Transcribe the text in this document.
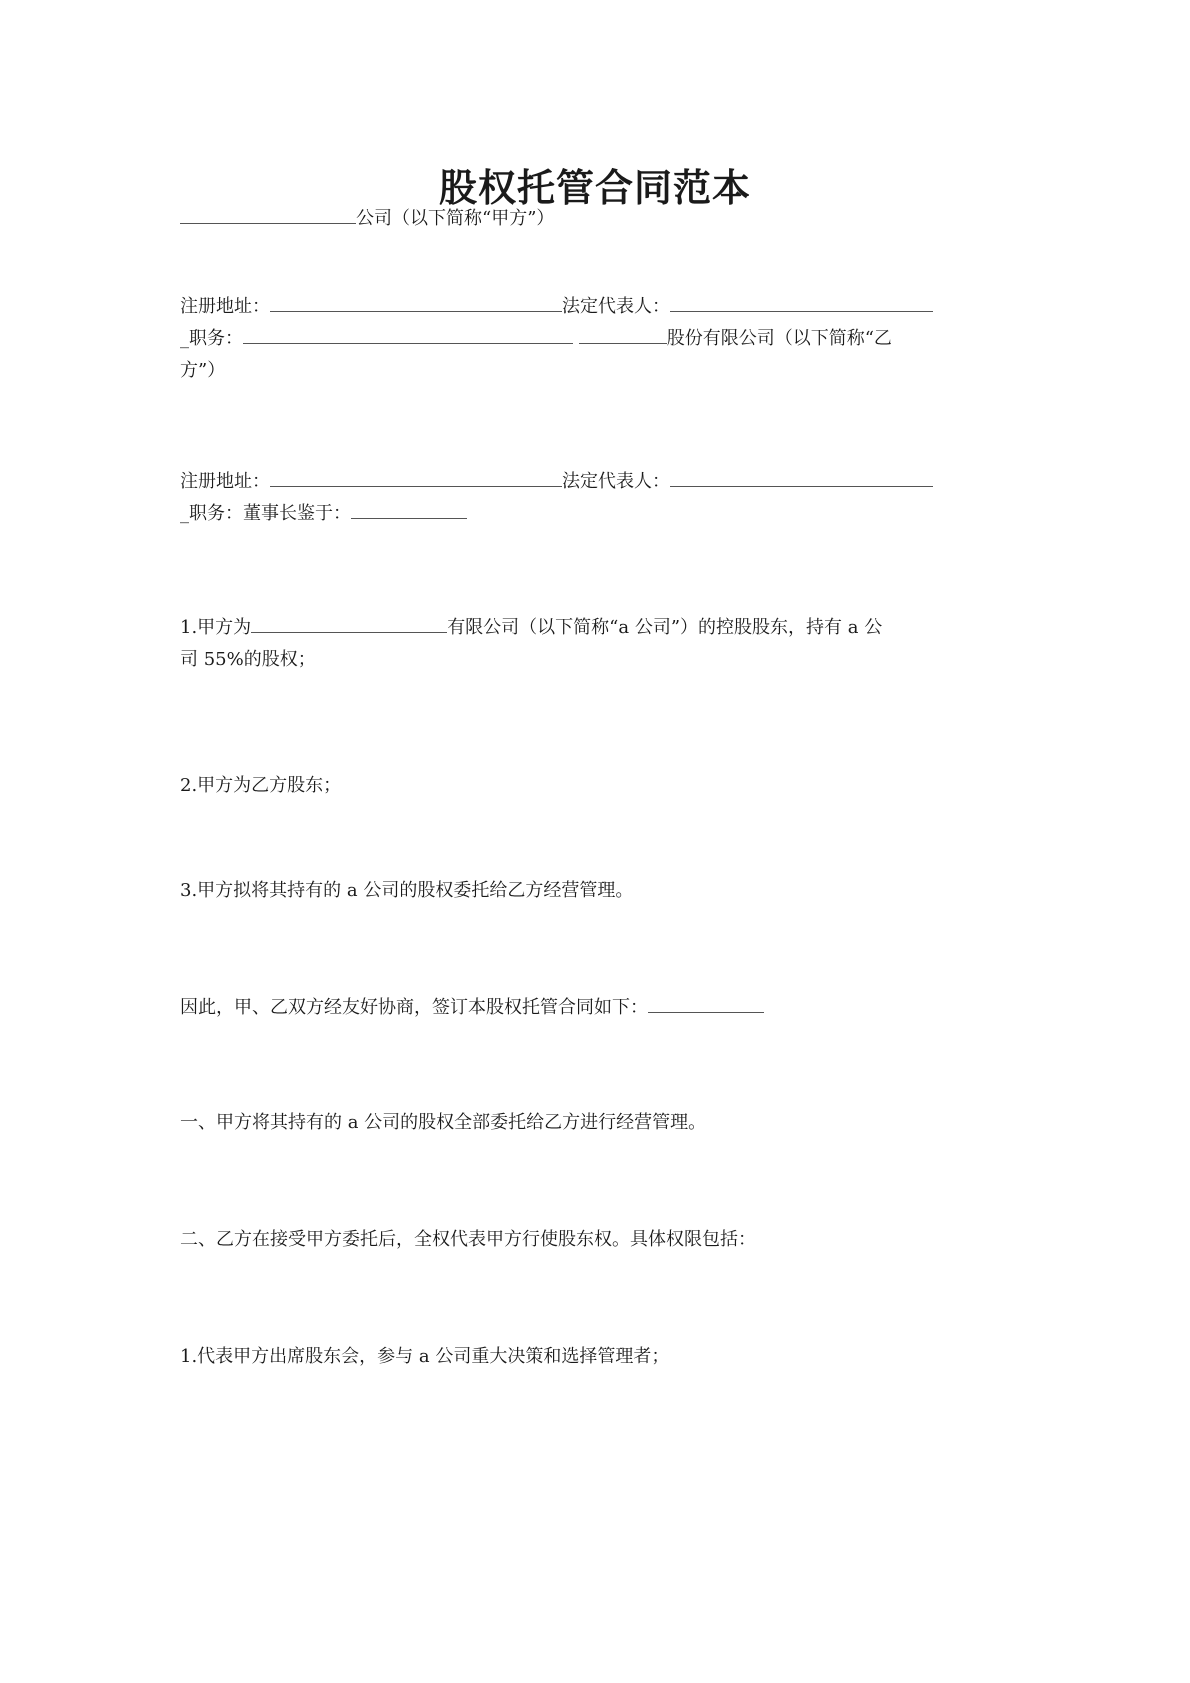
股权托管合同范本
公司（以下简称“甲方”）
注册地址：	法定代表人：
_职务：	股份有限公司（以下简称“乙
方”）
注册地址：	法定代表人：
_职务：董事长鉴于：
1.甲方为	有限公司（以下简称“a 公司”）的控股股东，持有 a 公
司 55%的股权；
2.甲方为乙方股东；
3.甲方拟将其持有的 a 公司的股权委托给乙方经营管理。
因此，甲、乙双方经友好协商，签订本股权托管合同如下：
一、甲方将其持有的 a 公司的股权全部委托给乙方进行经营管理。
二、乙方在接受甲方委托后，全权代表甲方行使股东权。具体权限包括：
1.代表甲方出席股东会，参与 a 公司重大决策和选择管理者；
